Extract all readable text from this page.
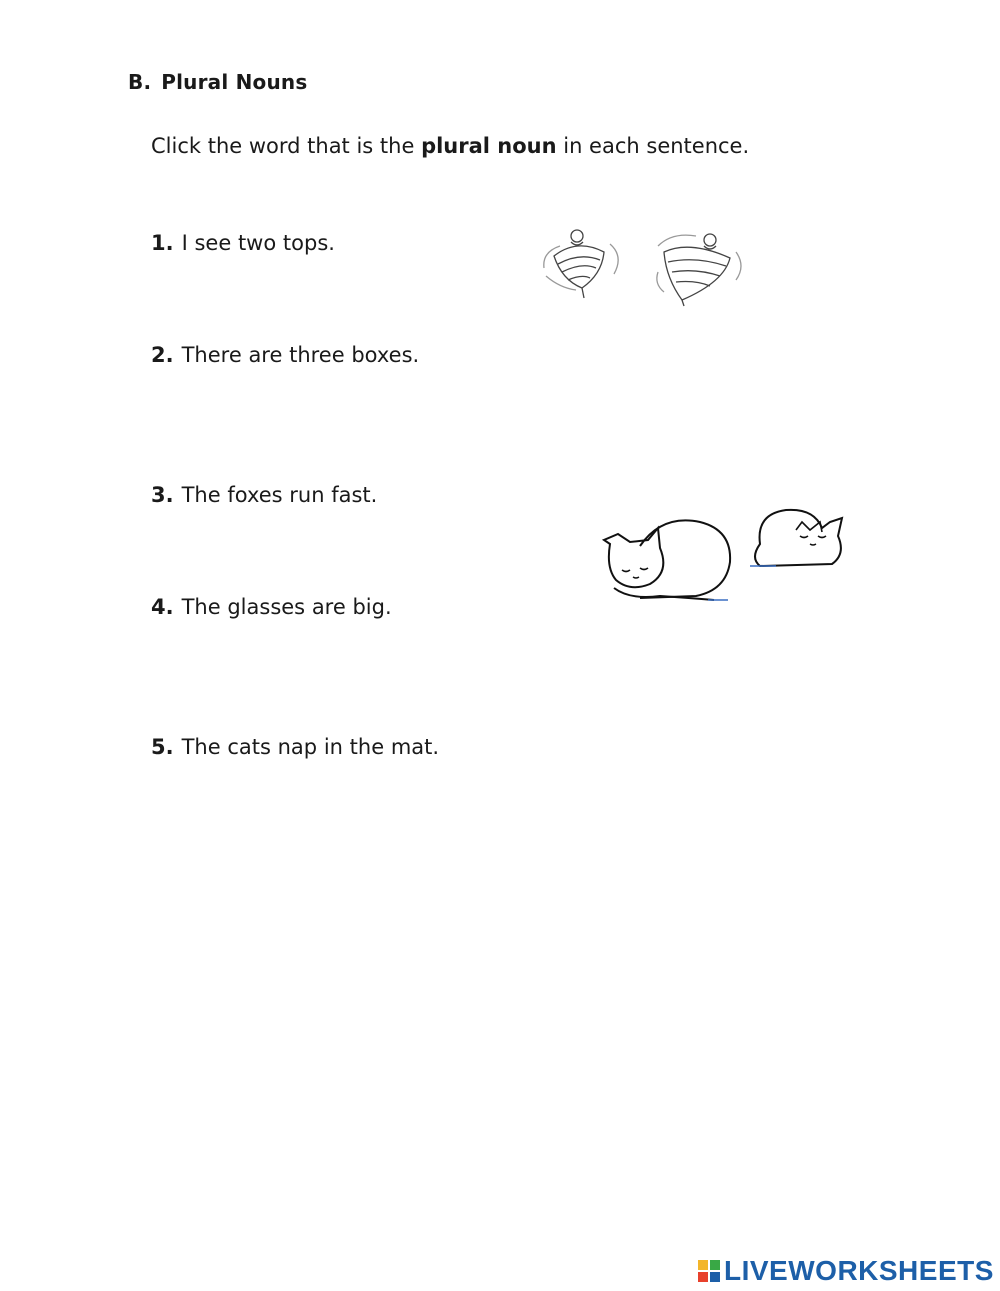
B. Plural Nouns
Click the word that is the plural noun in each sentence.
1. I see two tops.
2. There are three boxes.
3. The foxes run fast.
4. The glasses are big.
5. The cats nap in the mat.
LIVEWORKSHEETS
